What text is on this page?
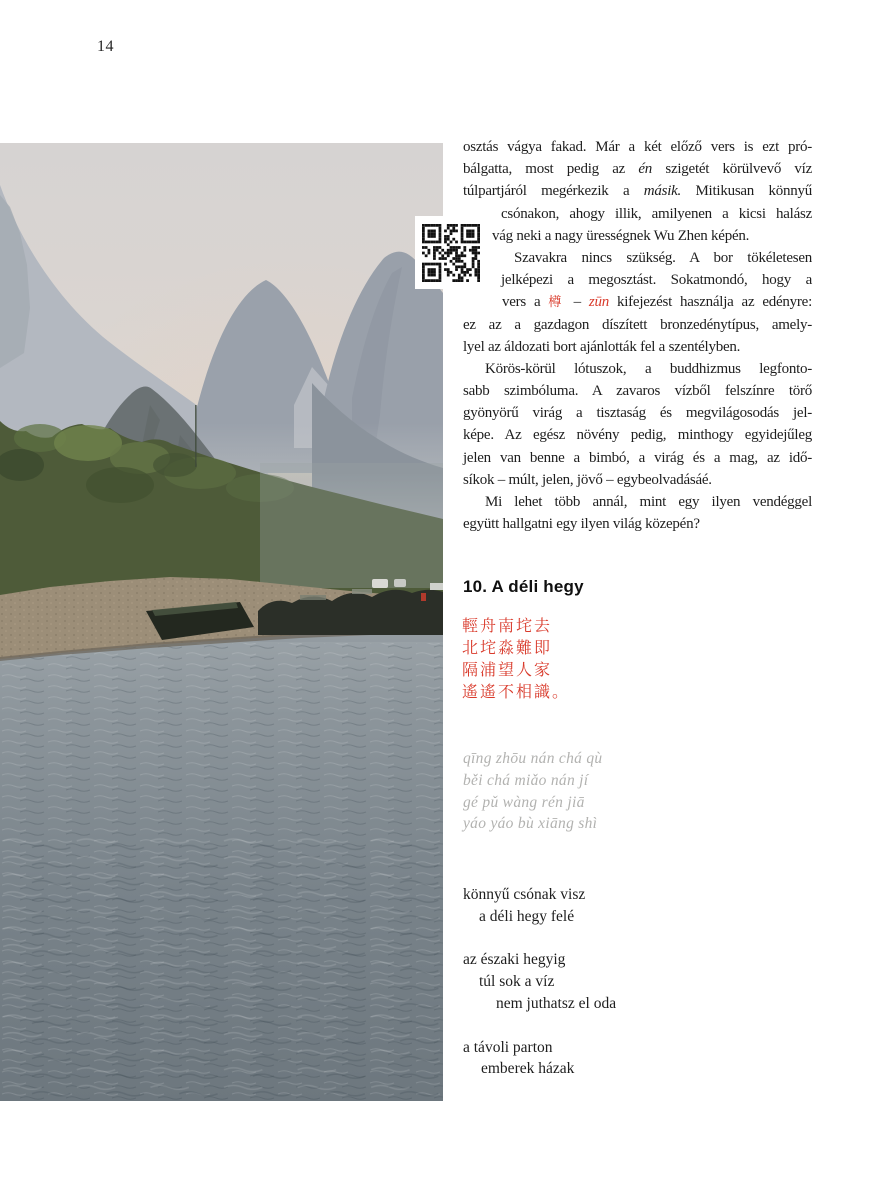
14
osztás vágya fakad. Már a két előző vers is ezt pró-
bálgatta, most pedig az én szigetét körülvevő víz
túlpartjáról megérkezik a másik. Mitikusan könnyű
csónakon, ahogy illik, amilyenen a kicsi halász
vág neki a nagy ürességnek Wu Zhen képén.
Szavakra nincs szükség. A bor tökéletesen
jelképezi a megosztást. Sokatmondó, hogy a
vers a 樽 – zūn kifejezést használja az edényre:
ez az a gazdagon díszített bronzedénytípus, amely-
lyel az áldozati bort ajánlották fel a szentélyben.
Körös-körül lótuszok, a buddhizmus legfonto-
sabb szimbóluma. A zavaros vízből felszínre törő
gyönyörű virág a tisztaság és megvilágosodás jel-
képe. Az egész növény pedig, minthogy egyidejűleg
jelen van benne a bimbó, a virág és a mag, az idő-
síkok – múlt, jelen, jövő – egybeolvadásáé.
Mi lehet több annál, mint egy ilyen vendéggel
együtt hallgatni egy ilyen világ közepén?
10. A déli hegy
輕舟南垞去
北垞淼難即
隔浦望人家
遙遙不相識。
qīng zhōu nán chá qù
běi chá miǎo nán jí
gé pǔ wàng rén jiā
yáo yáo bù xiāng shì
könnyű csónak visz
a déli hegy felé
az északi hegyig
túl sok a víz
nem juthatsz el oda
a távoli parton
emberek házak
